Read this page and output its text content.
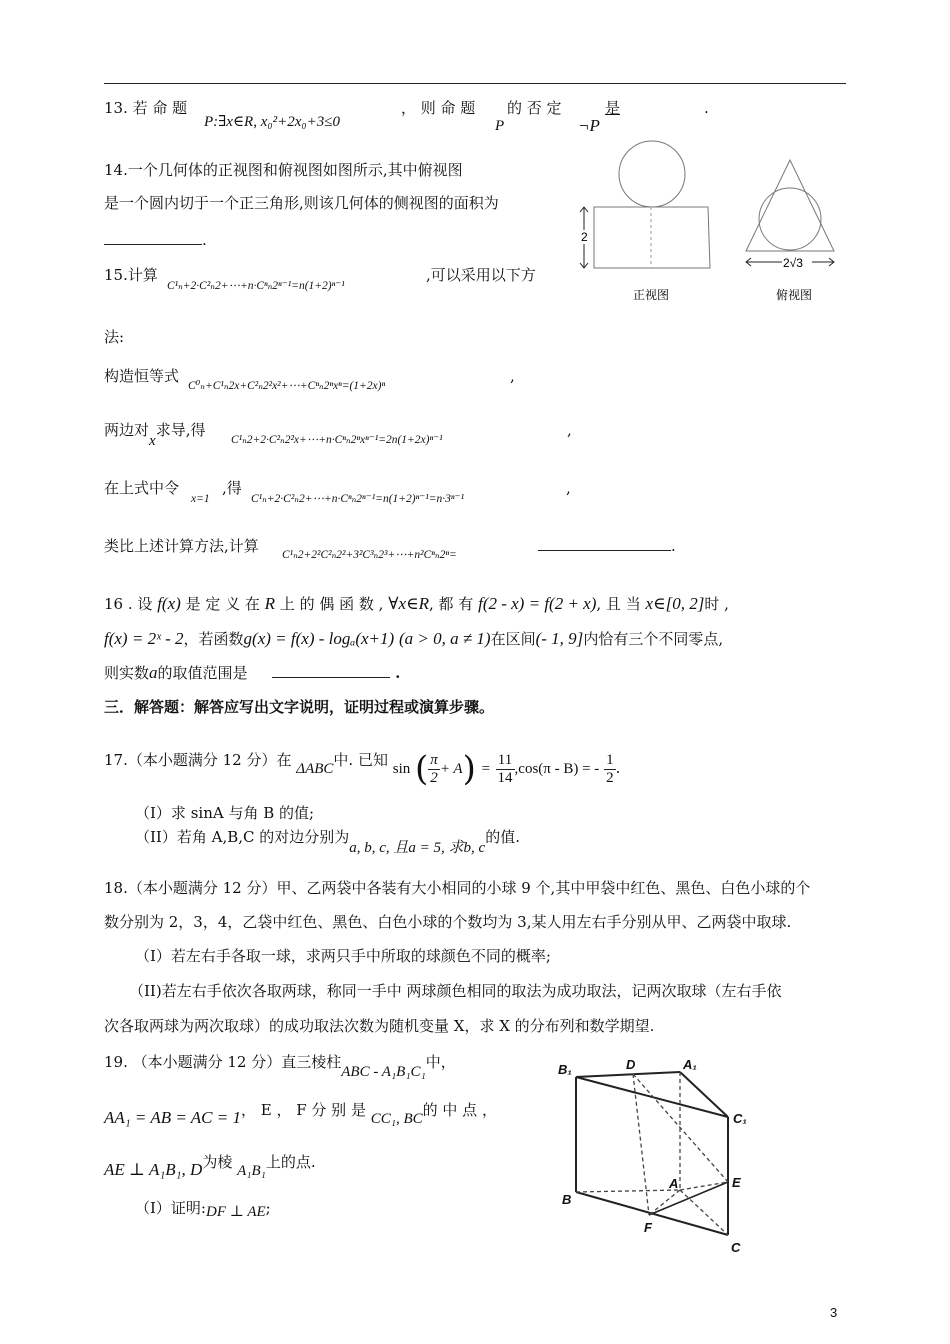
13. 若 命 题
P:∃x∈R, x₀²+2x₀+3≤0
， 则 命 题
P
的 否 定
¬P
是	.
14.一个几何体的正视图和俯视图如图所示,其中俯视图
是一个圆内切于一个正三角形,则该几何体的侧视图的面积为
.	2
2√3
正视图	俯视图
15.计算
C¹ₙ+2·C²ₙ2+⋯+n·Cⁿₙ2ⁿ⁻¹=n(1+2)ⁿ⁻¹
,可以采用以下方
法:
构造恒等式
C⁰ₙ+C¹ₙ2x+C²ₙ2²x²+⋯+Cⁿₙ2ⁿxⁿ=(1+2x)ⁿ
,
两边对x求导,得
C¹ₙ2+2·C²ₙ2²x+⋯+n·Cⁿₙ2ⁿxⁿ⁻¹=2n(1+2x)ⁿ⁻¹
,
在上式中令
x=1
,得
C¹ₙ+2·C²ₙ2+⋯+n·Cⁿₙ2ⁿ⁻¹=n(1+2)ⁿ⁻¹=n·3ⁿ⁻¹
,
类比上述计算方法,计算 C¹ₙ2+2²C²ₙ2²+3²C³ₙ2³+⋯+n²Cⁿₙ2ⁿ=	.
16 . 设 f(x) 是 定 义 在 R 上 的 偶 函 数 , ∀x∈R, 都 有 f(2 - x) = f(2 + x), 且 当 x∈[0, 2]时 ,
f(x) = 2ˣ - 2，若函数g(x) = f(x) - logₐ(x+1) (a > 0, a ≠ 1)在区间(- 1, 9]内恰有三个不同零点,
则实数a的取值范围是	.
三．解答题：解答应写出文字说明，证明过程或演算步骤。
17.（本小题满分 12 分）在 ΔABC中. 已知 sin ( $\frac{\pi}{2} + A) = \frac{11}{14} ,\cos(\pi - B)$ = - $\frac{1}{2}$ .
（I）求 sinA 与角 B 的值;
（II）若角 A,B,C 的对边分别为a, b, c, 且a = 5, 求b, c的值.
18.（本小题满分 12 分）甲、乙两袋中各装有大小相同的小球 9 个,其中甲袋中红色、黑色、白色小球的个
数分别为 2，3，4，乙袋中红色、黑色、白色小球的个数均为 3,某人用左右手分别从甲、乙两袋中取球.
（I）若左右手各取一球，求两只手中所取的球颜色不同的概率;
（II)若左右手依次各取两球，称同一手中 两球颜色相同的取法为成功取法，记两次取球（左右手依
次各取两球为两次取球）的成功取法次数为随机变量 X，求 X 的分布列和数学期望.
19. （本小题满分 12 分）直三棱柱ABC - A₁B₁C₁中，
AA₁ = AB = AC = 1， E ， F 分 别 是 CC₁, BC的 中 点 ，
AE ⊥ A₁B₁, D为棱 A₁B₁上的点.
（I）证明:DF ⊥ AE;
B₁	D	A₁
C₁
A	E
B
F
C
3
